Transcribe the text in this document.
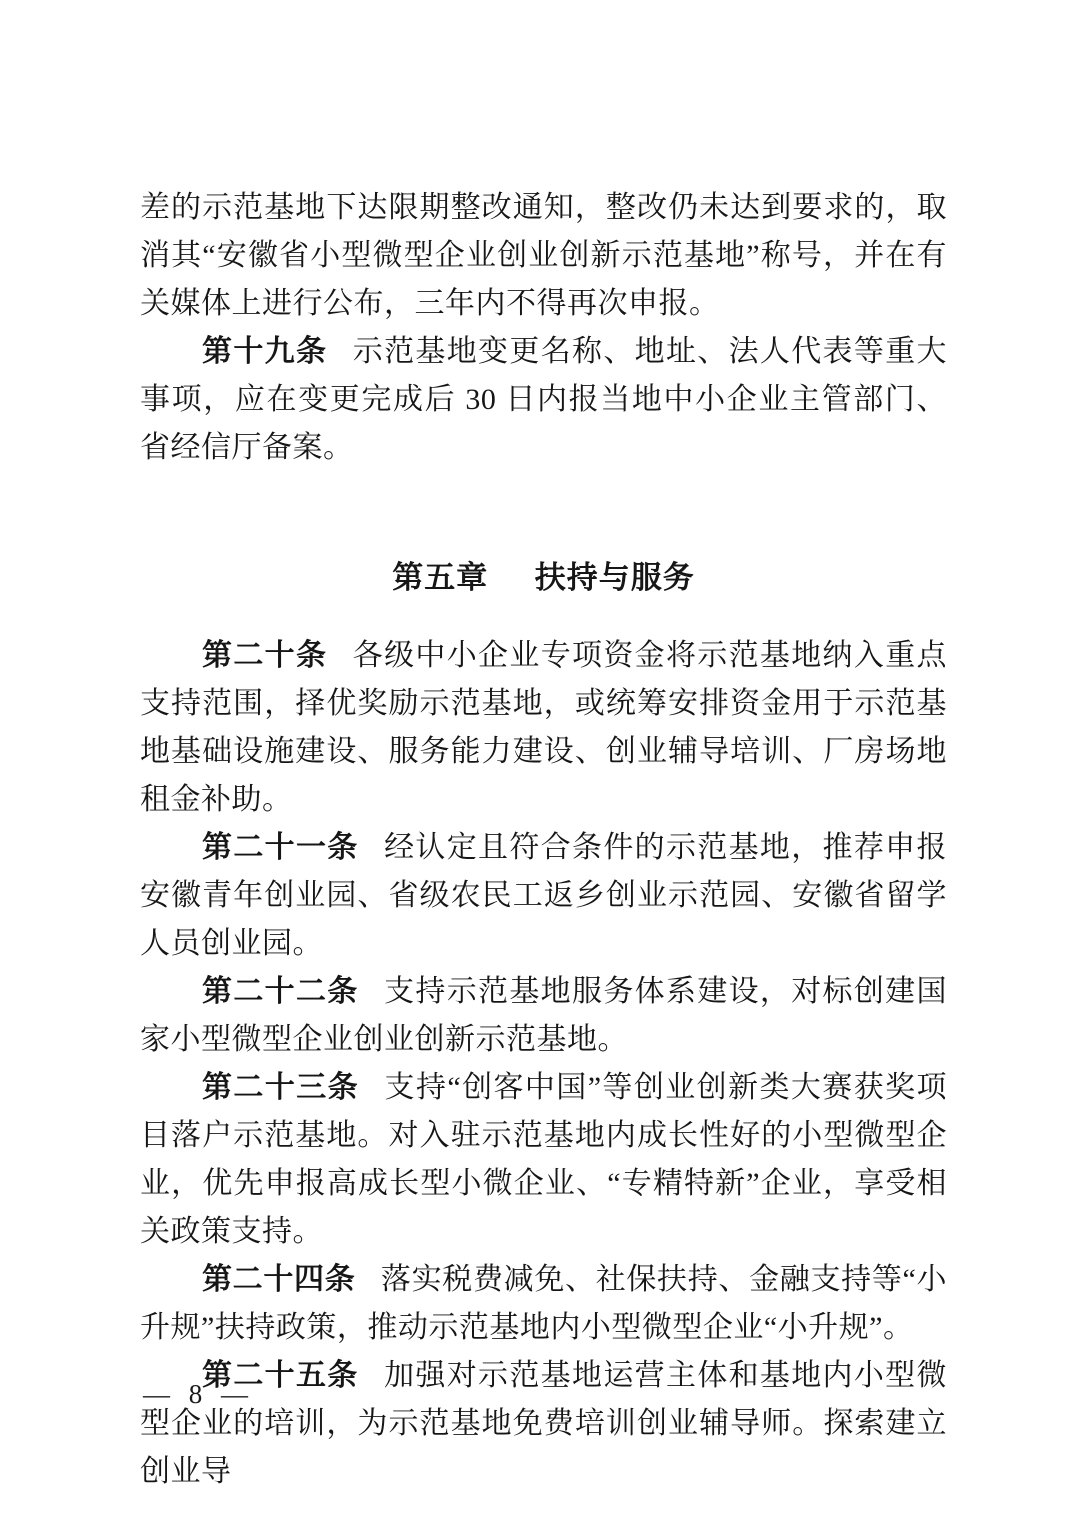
差的示范基地下达限期整改通知，整改仍未达到要求的，取消其“安徽省小型微型企业创业创新示范基地”称号，并在有关媒体上进行公布，三年内不得再次申报。

第十九条 示范基地变更名称、地址、法人代表等重大事项，应在变更完成后 30 日内报当地中小企业主管部门、省经信厅备案。

第五章 扶持与服务

第二十条 各级中小企业专项资金将示范基地纳入重点支持范围，择优奖励示范基地，或统筹安排资金用于示范基地基础设施建设、服务能力建设、创业辅导培训、厂房场地租金补助。

第二十一条 经认定且符合条件的示范基地，推荐申报安徽青年创业园、省级农民工返乡创业示范园、安徽省留学人员创业园。

第二十二条 支持示范基地服务体系建设，对标创建国家小型微型企业创业创新示范基地。

第二十三条 支持“创客中国”等创业创新类大赛获奖项目落户示范基地。对入驻示范基地内成长性好的小型微型企业，优先申报高成长型小微企业、“专精特新”企业，享受相关政策支持。

第二十四条 落实税费减免、社保扶持、金融支持等“小升规”扶持政策，推动示范基地内小型微型企业“小升规”。

第二十五条 加强对示范基地运营主体和基地内小型微型企业的培训，为示范基地免费培训创业辅导师。探索建立创业导

— 8 —
